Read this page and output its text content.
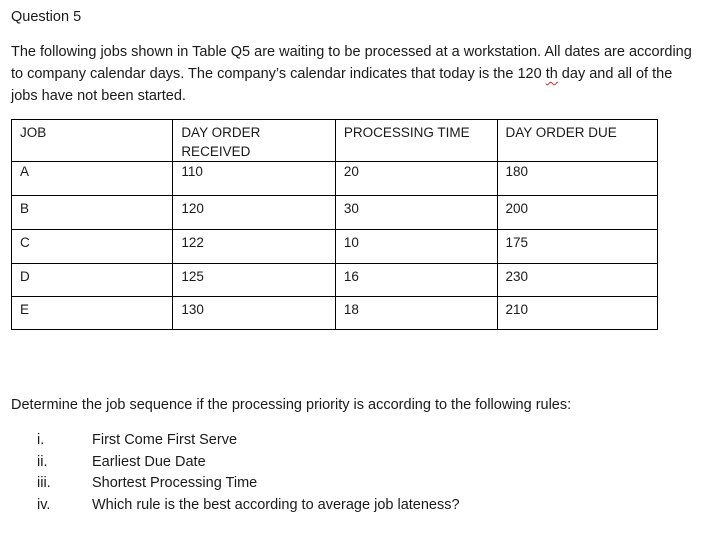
Question 5

The following jobs shown in Table Q5 are waiting to be processed at a workstation. All dates are according to company calendar days. The company’s calendar indicates that today is the 120 th day and all of the jobs have not been started.

JOB	DAY ORDER RECEIVED	PROCESSING TIME	DAY ORDER DUE
A	110	20	180
B	120	30	200
C	122	10	175
D	125	16	230
E	130	18	210
Determine the job sequence if the processing priority is according to the following rules:
i.	First Come First Serve
ii.	Earliest Due Date
iii.	Shortest Processing Time
iv.	Which rule is the best according to average job lateness?
